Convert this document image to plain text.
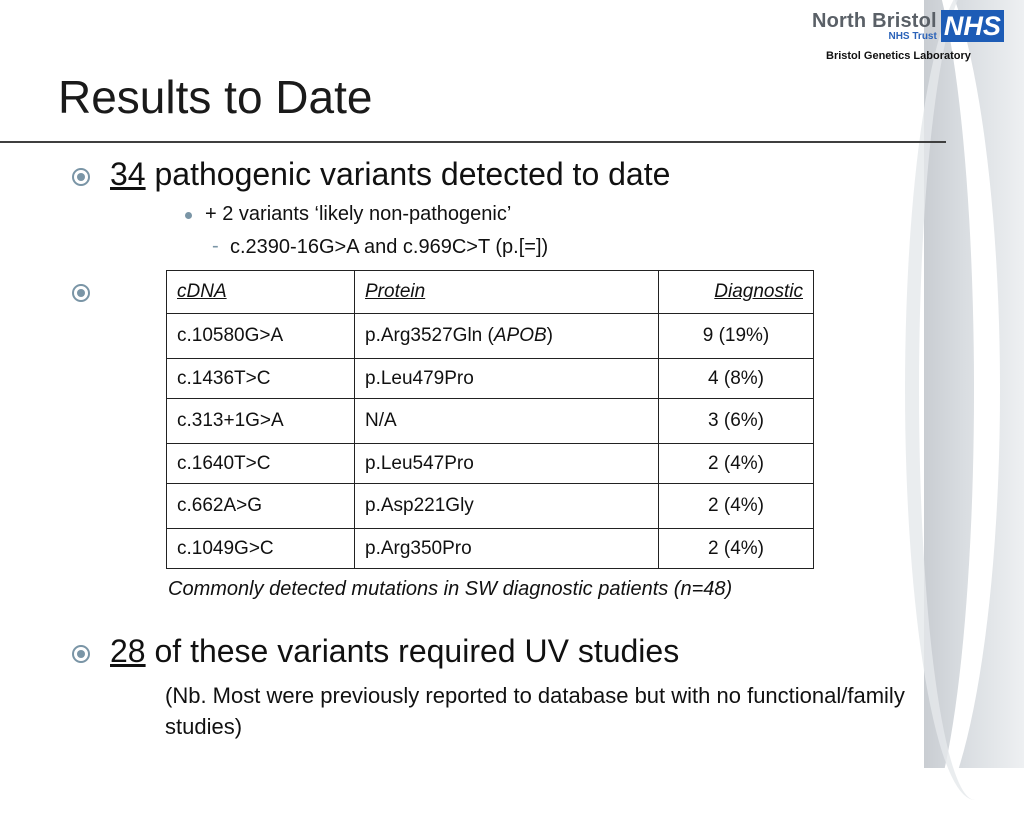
North Bristol
NHS Trust NHS
Bristol Genetics Laboratory
Results to Date
34 pathogenic variants detected to date
+ 2 variants ‘likely non-pathogenic’
- c.2390-16G>A and c.969C>T (p.[=])
cDNA	Protein	Diagnostic
c.10580G>A	p.Arg3527Gln (APOB)	9 (19%)
c.1436T>C	p.Leu479Pro	4 (8%)
c.313+1G>A	N/A	3 (6%)
c.1640T>C	p.Leu547Pro	2 (4%)
c.662A>G	p.Asp221Gly	2 (4%)
c.1049G>C	p.Arg350Pro	2 (4%)
Commonly detected mutations in SW diagnostic patients (n=48)
28 of these variants required UV studies
(Nb. Most were previously reported to database but with no functional/family studies)
